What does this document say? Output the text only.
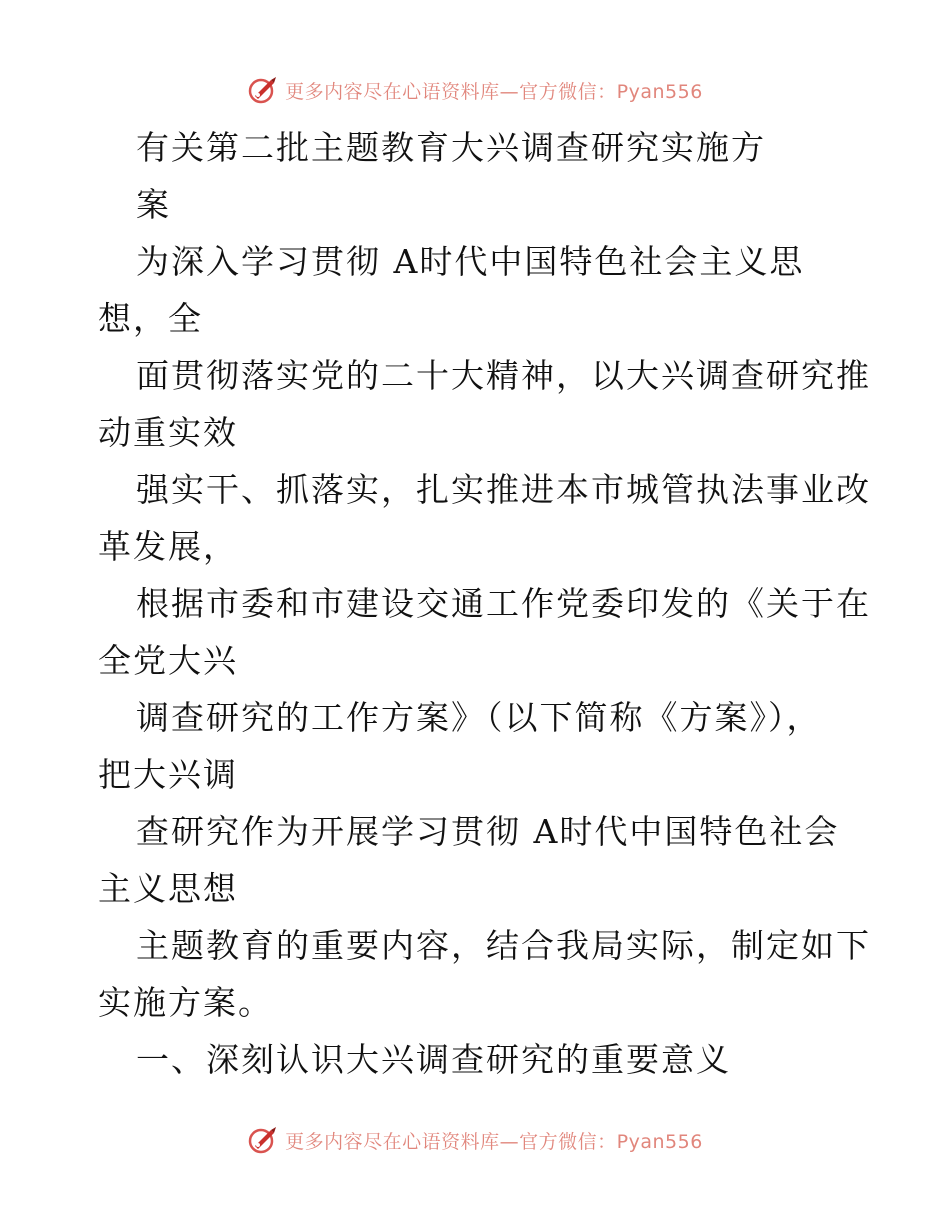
更多内容尽在心语资料库—官方微信：Pyan556
有关第二批主题教育大兴调查研究实施方
案
为深入学习贯彻 A时代中国特色社会主义思
想，全
面贯彻落实党的二十大精神，以大兴调查研究推
动重实效
强实干、抓落实，扎实推进本市城管执法事业改
革发展，
根据市委和市建设交通工作党委印发的《关于在
全党大兴
调查研究的工作方案》（以下简称《方案》），
把大兴调
查研究作为开展学习贯彻 A时代中国特色社会
主义思想
主题教育的重要内容，结合我局实际，制定如下
实施方案。
一、深刻认识大兴调查研究的重要意义
更多内容尽在心语资料库—官方微信：Pyan556
